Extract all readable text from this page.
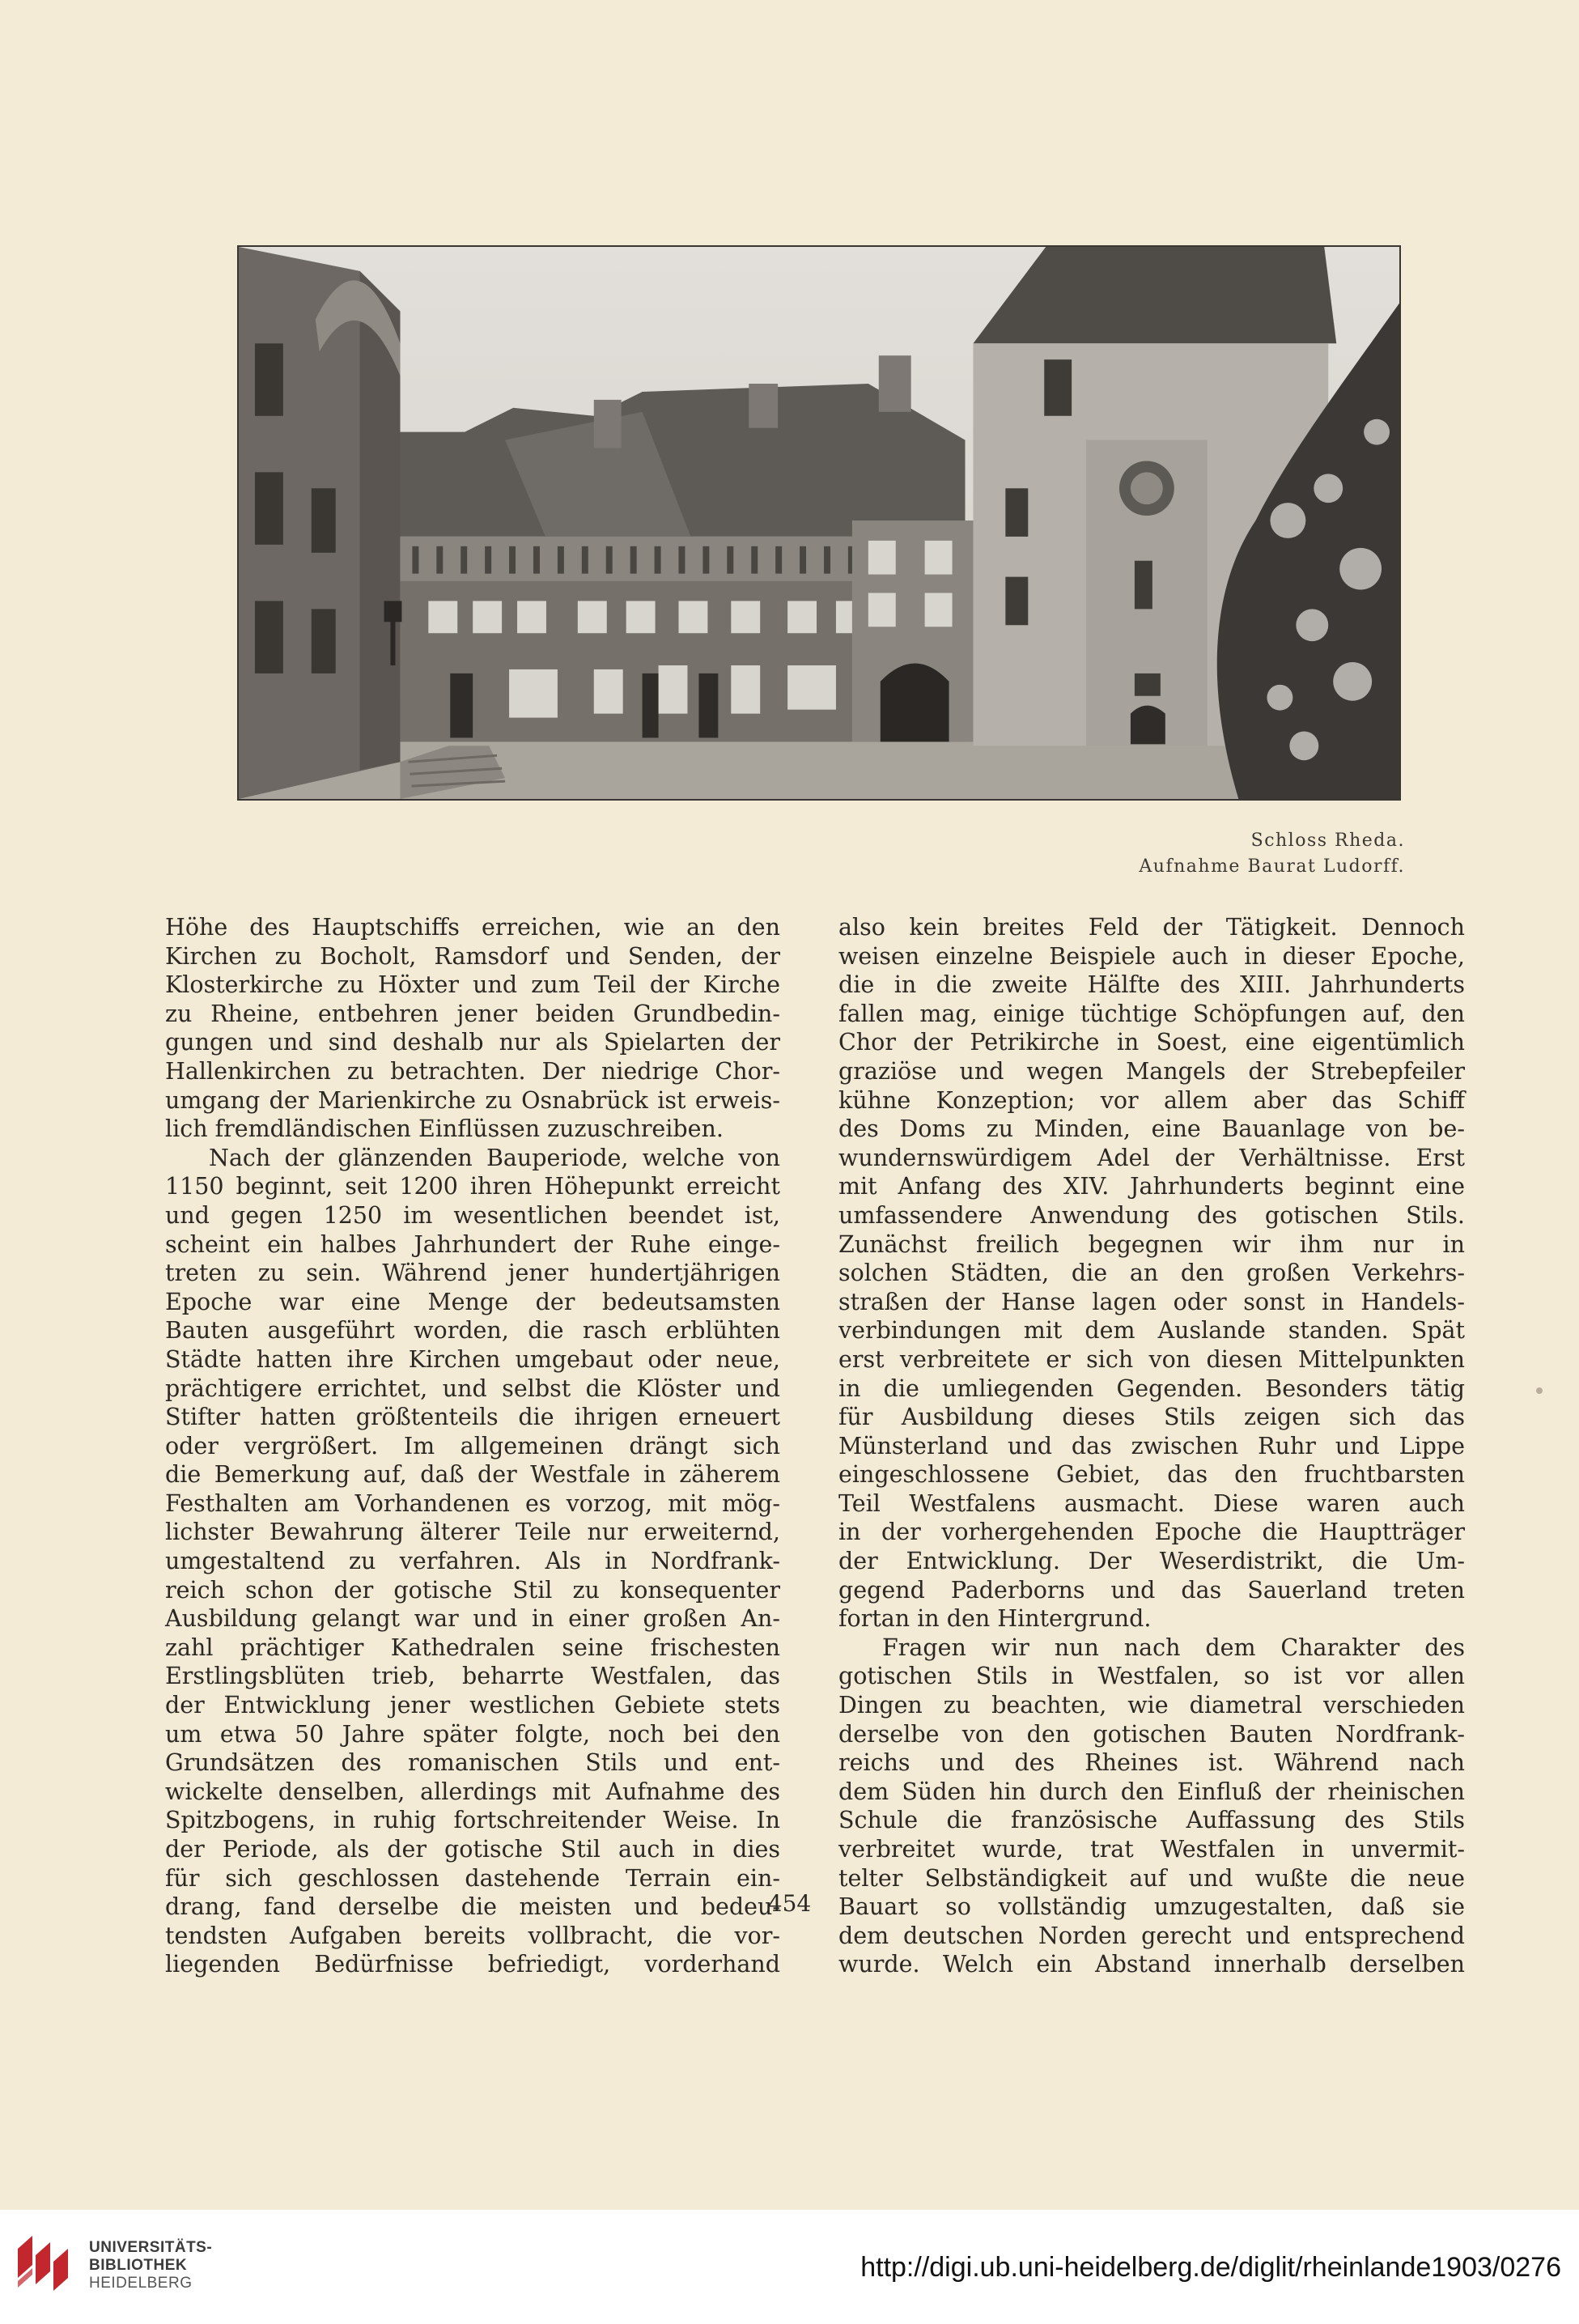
Schloss Rheda.
Aufnahme Baurat Ludorff.
Höhe des Hauptschiffs erreichen, wie an den
Kirchen zu Bocholt, Ramsdorf und Senden, der
Klosterkirche zu Höxter und zum Teil der Kirche
zu Rheine, entbehren jener beiden Grundbedin-
gungen und sind deshalb nur als Spielarten der
Hallenkirchen zu betrachten. Der niedrige Chor-
umgang der Marienkirche zu Osnabrück ist erweis-
lich fremdländischen Einflüssen zuzuschreiben.
Nach der glänzenden Bauperiode, welche von
1150 beginnt, seit 1200 ihren Höhepunkt erreicht
und gegen 1250 im wesentlichen beendet ist,
scheint ein halbes Jahrhundert der Ruhe einge-
treten zu sein. Während jener hundertjährigen
Epoche war eine Menge der bedeutsamsten
Bauten ausgeführt worden, die rasch erblühten
Städte hatten ihre Kirchen umgebaut oder neue,
prächtigere errichtet, und selbst die Klöster und
Stifter hatten größtenteils die ihrigen erneuert
oder vergrößert. Im allgemeinen drängt sich
die Bemerkung auf, daß der Westfale in zäherem
Festhalten am Vorhandenen es vorzog, mit mög-
lichster Bewahrung älterer Teile nur erweiternd,
umgestaltend zu verfahren. Als in Nordfrank-
reich schon der gotische Stil zu konsequenter
Ausbildung gelangt war und in einer großen An-
zahl prächtiger Kathedralen seine frischesten
Erstlingsblüten trieb, beharrte Westfalen, das
der Entwicklung jener westlichen Gebiete stets
um etwa 50 Jahre später folgte, noch bei den
Grundsätzen des romanischen Stils und ent-
wickelte denselben, allerdings mit Aufnahme des
Spitzbogens, in ruhig fortschreitender Weise. In
der Periode, als der gotische Stil auch in dies
für sich geschlossen dastehende Terrain ein-
drang, fand derselbe die meisten und bedeu-
tendsten Aufgaben bereits vollbracht, die vor-
liegenden Bedürfnisse befriedigt, vorderhand
also kein breites Feld der Tätigkeit. Dennoch
weisen einzelne Beispiele auch in dieser Epoche,
die in die zweite Hälfte des XIII. Jahrhunderts
fallen mag, einige tüchtige Schöpfungen auf, den
Chor der Petrikirche in Soest, eine eigentümlich
graziöse und wegen Mangels der Strebepfeiler
kühne Konzeption; vor allem aber das Schiff
des Doms zu Minden, eine Bauanlage von be-
wundernswürdigem Adel der Verhältnisse. Erst
mit Anfang des XIV. Jahrhunderts beginnt eine
umfassendere Anwendung des gotischen Stils.
Zunächst freilich begegnen wir ihm nur in
solchen Städten, die an den großen Verkehrs-
straßen der Hanse lagen oder sonst in Handels-
verbindungen mit dem Auslande standen. Spät
erst verbreitete er sich von diesen Mittelpunkten
in die umliegenden Gegenden. Besonders tätig
für Ausbildung dieses Stils zeigen sich das
Münsterland und das zwischen Ruhr und Lippe
eingeschlossene Gebiet, das den fruchtbarsten
Teil Westfalens ausmacht. Diese waren auch
in der vorhergehenden Epoche die Hauptträger
der Entwicklung. Der Weserdistrikt, die Um-
gegend Paderborns und das Sauerland treten
fortan in den Hintergrund.
Fragen wir nun nach dem Charakter des
gotischen Stils in Westfalen, so ist vor allen
Dingen zu beachten, wie diametral verschieden
derselbe von den gotischen Bauten Nordfrank-
reichs und des Rheines ist. Während nach
dem Süden hin durch den Einfluß der rheinischen
Schule die französische Auffassung des Stils
verbreitet wurde, trat Westfalen in unvermit-
telter Selbständigkeit auf und wußte die neue
Bauart so vollständig umzugestalten, daß sie
dem deutschen Norden gerecht und entsprechend
wurde. Welch ein Abstand innerhalb derselben
454
UNIVERSITÄTS-
BIBLIOTHEK
HEIDELBERG
http://digi.ub.uni-heidelberg.de/diglit/rheinlande1903/0276
